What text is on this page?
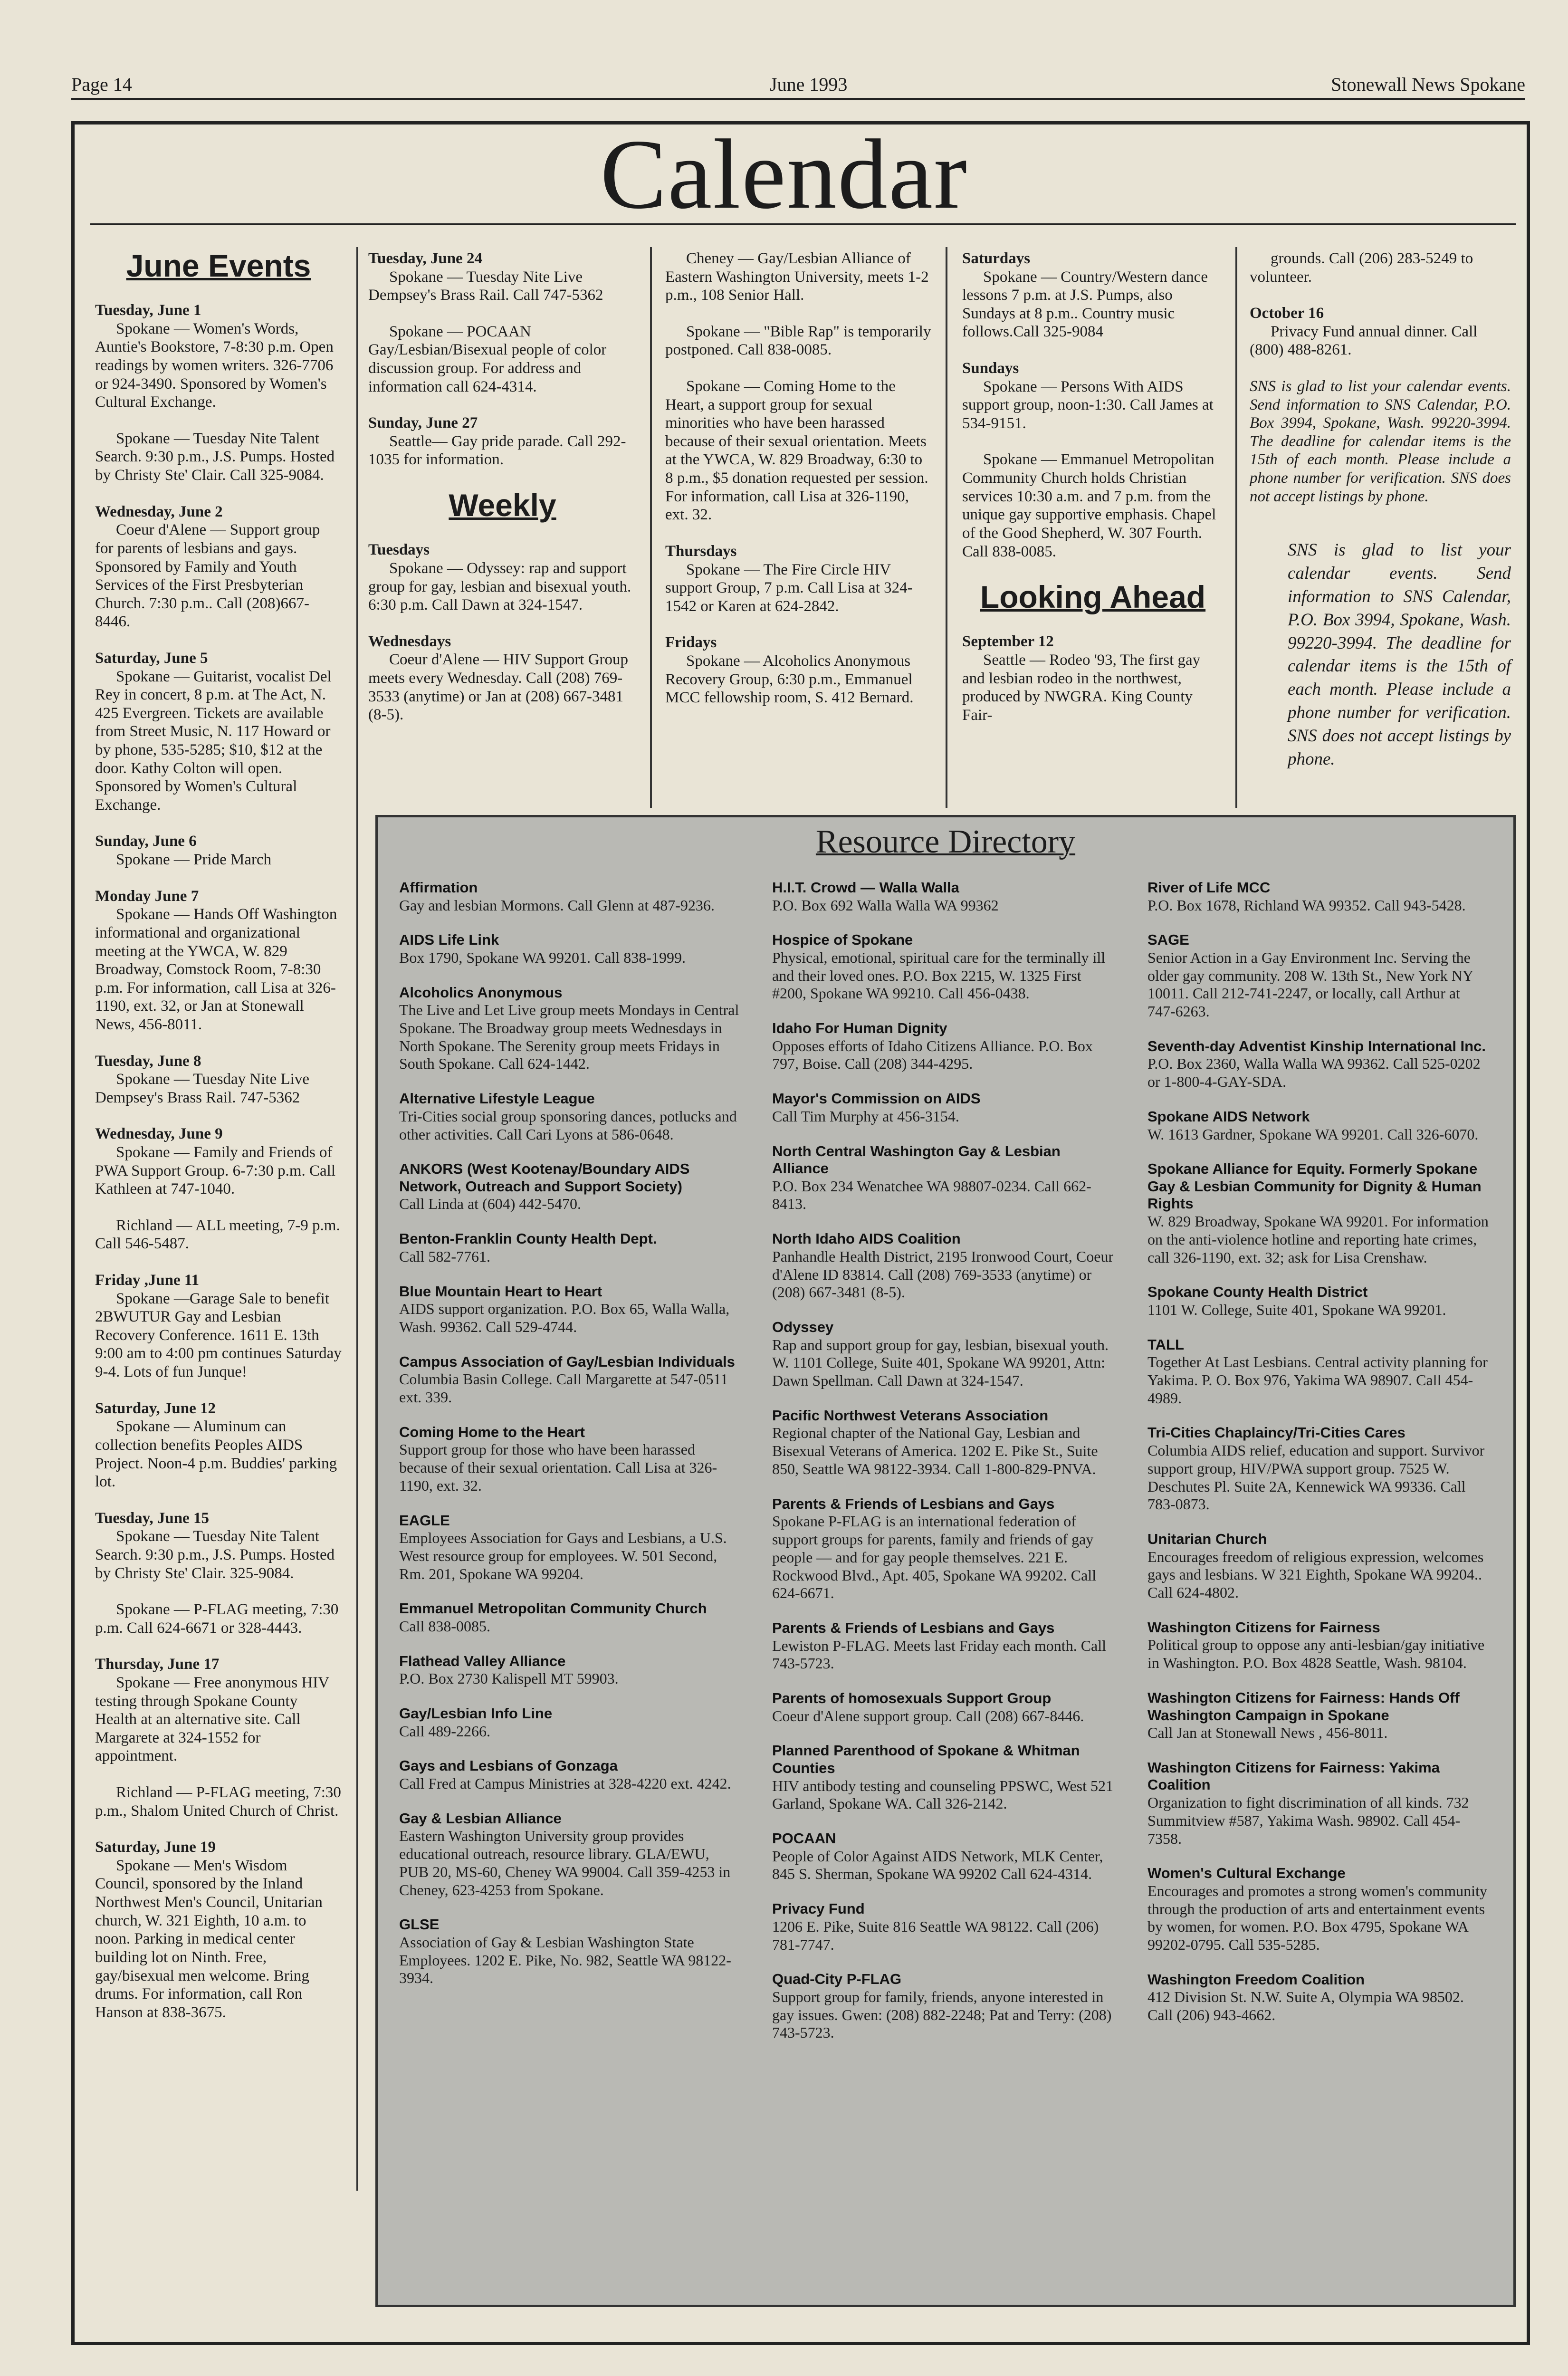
Page 14	June 1993	Stonewall News Spokane
Calendar
June Events
Tuesday, June 1
Spokane — Women's Words, Auntie's Bookstore, 7-8:30 p.m. Open readings by women writers. 326-7706 or 924-3490. Sponsored by Women's Cultural Exchange.
Spokane — Tuesday Nite Talent Search. 9:30 p.m., J.S. Pumps. Hosted by Christy Ste' Clair. Call 325-9084.
Wednesday, June 2
Coeur d'Alene — Support group for parents of lesbians and gays. Sponsored by Family and Youth Services of the First Presbyterian Church. 7:30 p.m.. Call (208)667-8446.
Saturday, June 5
Spokane — Guitarist, vocalist Del Rey in concert, 8 p.m. at The Act, N. 425 Evergreen. Tickets are available from Street Music, N. 117 Howard or by phone, 535-5285; $10, $12 at the door. Kathy Colton will open. Sponsored by Women's Cultural Exchange.
Sunday, June 6
Spokane — Pride March
Monday June 7
Spokane — Hands Off Washington informational and organizational meeting at the YWCA, W. 829 Broadway, Comstock Room, 7-8:30 p.m. For information, call Lisa at 326-1190, ext. 32, or Jan at Stonewall News, 456-8011.
Tuesday, June 8
Spokane — Tuesday Nite Live Dempsey's Brass Rail. 747-5362
Wednesday, June 9
Spokane — Family and Friends of PWA Support Group. 6-7:30 p.m. Call Kathleen at 747-1040.
Richland — ALL meeting, 7-9 p.m. Call 546-5487.
Friday ,June 11
Spokane —Garage Sale to benefit 2BWUTUR Gay and Lesbian Recovery Conference. 1611 E. 13th 9:00 am to 4:00 pm continues Saturday 9-4. Lots of fun Junque!
Saturday, June 12
Spokane — Aluminum can collection benefits Peoples AIDS Project. Noon-4 p.m. Buddies' parking lot.
Tuesday, June 15
Spokane — Tuesday Nite Talent Search. 9:30 p.m., J.S. Pumps. Hosted by Christy Ste' Clair. 325-9084.
Spokane — P-FLAG meeting, 7:30 p.m. Call 624-6671 or 328-4443.
Thursday, June 17
Spokane — Free anonymous HIV testing through Spokane County Health at an alternative site. Call Margarete at 324-1552 for appointment.
Richland — P-FLAG meeting, 7:30 p.m., Shalom United Church of Christ.
Saturday, June 19
Spokane — Men's Wisdom Council, sponsored by the Inland Northwest Men's Council, Unitarian church, W. 321 Eighth, 10 a.m. to noon. Parking in medical center building lot on Ninth. Free, gay/bisexual men welcome. Bring drums. For information, call Ron Hanson at 838-3675.
Tuesday, June 24
Spokane — Tuesday Nite Live Dempsey's Brass Rail. Call 747-5362
Spokane — POCAAN Gay/Lesbian/Bisexual people of color discussion group. For address and information call 624-4314.
Sunday, June 27
Seattle— Gay pride parade. Call 292-1035 for information.
Weekly
Tuesdays
Spokane — Odyssey: rap and support group for gay, lesbian and bisexual youth. 6:30 p.m. Call Dawn at 324-1547.
Wednesdays
Coeur d'Alene — HIV Support Group meets every Wednesday. Call (208) 769-3533 (anytime) or Jan at (208) 667-3481 (8-5).
Cheney — Gay/Lesbian Alliance of Eastern Washington University, meets 1-2 p.m., 108 Senior Hall.
Spokane — "Bible Rap" is temporarily postponed. Call 838-0085.
Spokane — Coming Home to the Heart, a support group for sexual minorities who have been harassed because of their sexual orientation. Meets at the YWCA, W. 829 Broadway, 6:30 to 8 p.m., $5 donation requested per session. For information, call Lisa at 326-1190, ext. 32.
Thursdays
Spokane — The Fire Circle HIV support Group, 7 p.m. Call Lisa at 324-1542 or Karen at 624-2842.
Fridays
Spokane — Alcoholics Anonymous Recovery Group, 6:30 p.m., Emmanuel MCC fellowship room, S. 412 Bernard.
Saturdays
Spokane — Country/Western dance lessons 7 p.m. at J.S. Pumps, also Sundays at 8 p.m.. Country music follows.Call 325-9084
Sundays
Spokane — Persons With AIDS support group, noon-1:30. Call James at 534-9151.
Spokane — Emmanuel Metropolitan Community Church holds Christian services 10:30 a.m. and 7 p.m. from the unique gay supportive emphasis. Chapel of the Good Shepherd, W. 307 Fourth. Call 838-0085.
Looking Ahead
September 12
Seattle — Rodeo '93, The first gay and lesbian rodeo in the northwest, produced by NWGRA. King County Fair-
grounds. Call (206) 283-5249 to volunteer.
October 16
Privacy Fund annual dinner. Call (800) 488-8261.
SNS is glad to list your calendar events. Send information to SNS Calendar, P.O. Box 3994, Spokane, Wash. 99220-3994. The deadline for calendar items is the 15th of each month. Please include a phone number for verification. SNS does not accept listings by phone.
SNS is glad to list your calendar events. Send information to SNS Calendar, P.O. Box 3994, Spokane, Wash. 99220-3994. The deadline for calendar items is the 15th of each month. Please include a phone number for verification. SNS does not accept listings by phone.
Resource Directory
Affirmation
Gay and lesbian Mormons. Call Glenn at 487-9236.
AIDS Life Link
Box 1790, Spokane WA 99201. Call 838-1999.
Alcoholics Anonymous
The Live and Let Live group meets Mondays in Central Spokane. The Broadway group meets Wednesdays in North Spokane. The Serenity group meets Fridays in South Spokane. Call 624-1442.
Alternative Lifestyle League
Tri-Cities social group sponsoring dances, potlucks and other activities. Call Cari Lyons at 586-0648.
ANKORS (West Kootenay/Boundary AIDS Network, Outreach and Support Society)
Call Linda at (604) 442-5470.
Benton-Franklin County Health Dept.
Call 582-7761.
Blue Mountain Heart to Heart
AIDS support organization. P.O. Box 65, Walla Walla, Wash. 99362. Call 529-4744.
Campus Association of Gay/Lesbian Individuals
Columbia Basin College. Call Margarette at 547-0511 ext. 339.
Coming Home to the Heart
Support group for those who have been harassed because of their sexual orientation. Call Lisa at 326-1190, ext. 32.
EAGLE
Employees Association for Gays and Lesbians, a U.S. West resource group for employees. W. 501 Second, Rm. 201, Spokane WA 99204.
Emmanuel Metropolitan Community Church
Call 838-0085.
Flathead Valley Alliance
P.O. Box 2730 Kalispell MT 59903.
Gay/Lesbian Info Line
Call 489-2266.
Gays and Lesbians of Gonzaga
Call Fred at Campus Ministries at 328-4220 ext. 4242.
Gay & Lesbian Alliance
Eastern Washington University group provides educational outreach, resource library. GLA/EWU, PUB 20, MS-60, Cheney WA 99004. Call 359-4253 in Cheney, 623-4253 from Spokane.
GLSE
Association of Gay & Lesbian Washington State Employees. 1202 E. Pike, No. 982, Seattle WA 98122-3934.
H.I.T. Crowd — Walla Walla
P.O. Box 692 Walla Walla WA 99362
Hospice of Spokane
Physical, emotional, spiritual care for the terminally ill and their loved ones. P.O. Box 2215, W. 1325 First #200, Spokane WA 99210. Call 456-0438.
Idaho For Human Dignity
Opposes efforts of Idaho Citizens Alliance. P.O. Box 797, Boise. Call (208) 344-4295.
Mayor's Commission on AIDS
Call Tim Murphy at 456-3154.
North Central Washington Gay & Lesbian Alliance
P.O. Box 234 Wenatchee WA 98807-0234. Call 662-8413.
North Idaho AIDS Coalition
Panhandle Health District, 2195 Ironwood Court, Coeur d'Alene ID 83814. Call (208) 769-3533 (anytime) or (208) 667-3481 (8-5).
Odyssey
Rap and support group for gay, lesbian, bisexual youth. W. 1101 College, Suite 401, Spokane WA 99201, Attn: Dawn Spellman. Call Dawn at 324-1547.
Pacific Northwest Veterans Association
Regional chapter of the National Gay, Lesbian and Bisexual Veterans of America. 1202 E. Pike St., Suite 850, Seattle WA 98122-3934. Call 1-800-829-PNVA.
Parents & Friends of Lesbians and Gays
Spokane P-FLAG is an international federation of support groups for parents, family and friends of gay people — and for gay people themselves. 221 E. Rockwood Blvd., Apt. 405, Spokane WA 99202. Call 624-6671.
Parents & Friends of Lesbians and Gays
Lewiston P-FLAG. Meets last Friday each month. Call 743-5723.
Parents of homosexuals Support Group
Coeur d'Alene support group. Call (208) 667-8446.
Planned Parenthood of Spokane & Whitman Counties
HIV antibody testing and counseling PPSWC, West 521 Garland, Spokane WA. Call 326-2142.
POCAAN
People of Color Against AIDS Network, MLK Center, 845 S. Sherman, Spokane WA 99202 Call 624-4314.
Privacy Fund
1206 E. Pike, Suite 816 Seattle WA 98122. Call (206) 781-7747.
Quad-City P-FLAG
Support group for family, friends, anyone interested in gay issues. Gwen: (208) 882-2248; Pat and Terry: (208) 743-5723.
River of Life MCC
P.O. Box 1678, Richland WA 99352. Call 943-5428.
SAGE
Senior Action in a Gay Environment Inc. Serving the older gay community. 208 W. 13th St., New York NY 10011. Call 212-741-2247, or locally, call Arthur at 747-6263.
Seventh-day Adventist Kinship International Inc.
P.O. Box 2360, Walla Walla WA 99362. Call 525-0202 or 1-800-4-GAY-SDA.
Spokane AIDS Network
W. 1613 Gardner, Spokane WA 99201. Call 326-6070.
Spokane Alliance for Equity. Formerly Spokane Gay & Lesbian Community for Dignity & Human Rights
W. 829 Broadway, Spokane WA 99201. For information on the anti-violence hotline and reporting hate crimes, call 326-1190, ext. 32; ask for Lisa Crenshaw.
Spokane County Health District
1101 W. College, Suite 401, Spokane WA 99201.
TALL
Together At Last Lesbians. Central activity planning for Yakima. P. O. Box 976, Yakima WA 98907. Call 454-4989.
Tri-Cities Chaplaincy/Tri-Cities Cares
Columbia AIDS relief, education and support. Survivor support group, HIV/PWA support group. 7525 W. Deschutes Pl. Suite 2A, Kennewick WA 99336. Call 783-0873.
Unitarian Church
Encourages freedom of religious expression, welcomes gays and lesbians. W 321 Eighth, Spokane WA 99204.. Call 624-4802.
Washington Citizens for Fairness
Political group to oppose any anti-lesbian/gay initiative in Washington. P.O. Box 4828 Seattle, Wash. 98104.
Washington Citizens for Fairness: Hands Off Washington Campaign in Spokane
Call Jan at Stonewall News , 456-8011.
Washington Citizens for Fairness: Yakima Coalition
Organization to fight discrimination of all kinds. 732 Summitview #587, Yakima Wash. 98902. Call 454-7358.
Women's Cultural Exchange
Encourages and promotes a strong women's community through the production of arts and entertainment events by women, for women. P.O. Box 4795, Spokane WA 99202-0795. Call 535-5285.
Washington Freedom Coalition
412 Division St. N.W. Suite A, Olympia WA 98502. Call (206) 943-4662.
